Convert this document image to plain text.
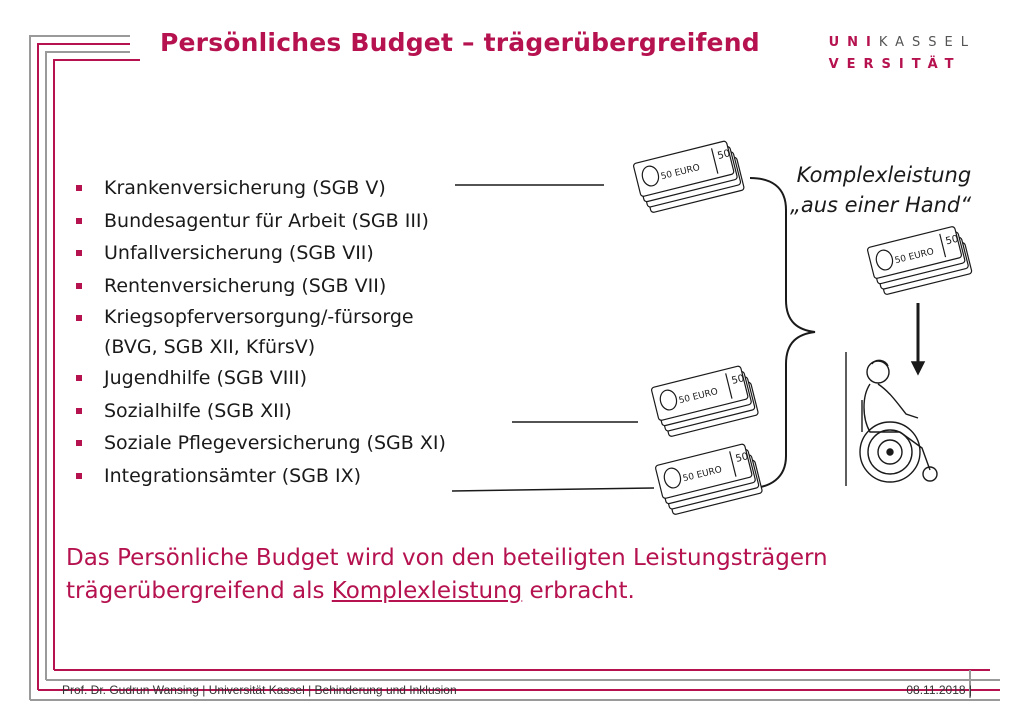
Persönliches Budget – trägerübergreifend	UNIKASSEL
VERSITÄT
Krankenversicherung (SGB V)
Bundesagentur für Arbeit (SGB III)
Unfallversicherung (SGB VII)
Rentenversicherung (SGB VII)
Kriegsopferversorgung/-fürsorge
(BVG, SGB XII, KfürsV)
Jugendhilfe (SGB VIII)
Sozialhilfe (SGB XII)
Soziale Pflegeversicherung (SGB XI)
Integrationsämter (SGB IX)
Komplexleistung
„aus einer Hand“
50 EURO
50
50 EURO
50
50 EURO
50
50 EURO
50
Das Persönliche Budget wird von den beteiligten Leistungsträgern
trägerübergreifend als Komplexleistung erbracht.
Prof. Dr. Gudrun Wansing | Universität Kassel | Behinderung und Inklusion	08.11.2018 |
